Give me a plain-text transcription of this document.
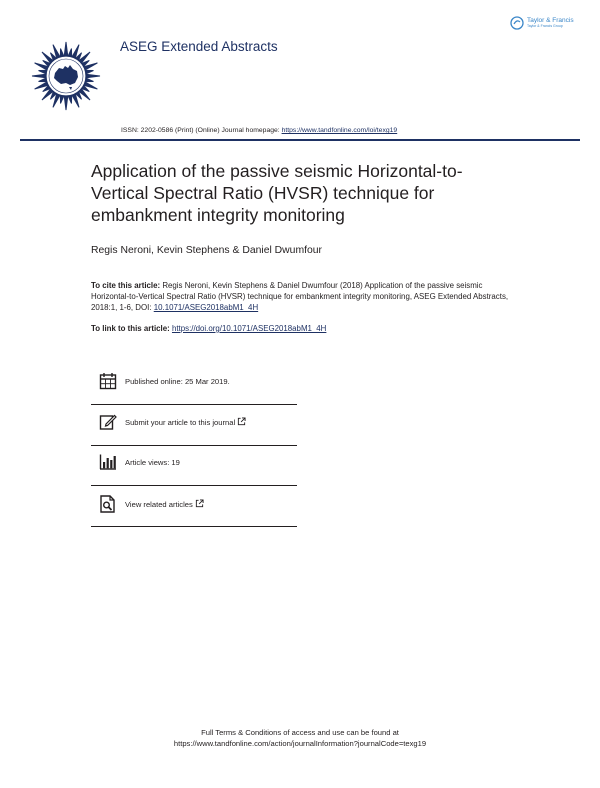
ASEG Extended Abstracts
Taylor & Francis
Taylor & Francis Group
ISSN: 2202-0586 (Print) (Online) Journal homepage: https://www.tandfonline.com/loi/texg19
Application of the passive seismic Horizontal-to-Vertical Spectral Ratio (HVSR) technique for embankment integrity monitoring
Regis Neroni, Kevin Stephens & Daniel Dwumfour
To cite this article: Regis Neroni, Kevin Stephens & Daniel Dwumfour (2018) Application of the passive seismic Horizontal-to-Vertical Spectral Ratio (HVSR) technique for embankment integrity monitoring, ASEG Extended Abstracts, 2018:1, 1-6, DOI: 10.1071/ASEG2018abM1_4H
To link to this article: https://doi.org/10.1071/ASEG2018abM1_4H
Published online: 25 Mar 2019.
Submit your article to this journal
Article views: 19
View related articles
Full Terms & Conditions of access and use can be found at
https://www.tandfonline.com/action/journalInformation?journalCode=texg19
